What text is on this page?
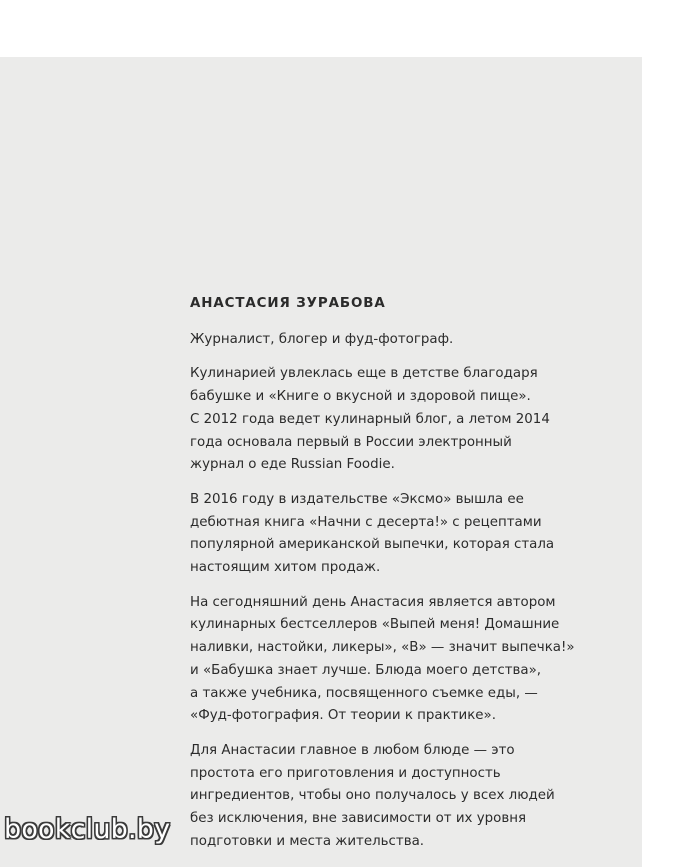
АНАСТАСИЯ ЗУРАБОВА

Журналист, блогер и фуд-фотограф.

Кулинарией увлеклась еще в детстве благодаря
бабушке и «Книге о вкусной и здоровой пище».
С 2012 года ведет кулинарный блог, а летом 2014
года основала первый в России электронный
журнал о еде Russian Foodie.

В 2016 году в издательстве «Эксмо» вышла ее
дебютная книга «Начни с десерта!» с рецептами
популярной американской выпечки, которая стала
настоящим хитом продаж.

На сегодняшний день Анастасия является автором
кулинарных бестселлеров «Выпей меня! Домашние
наливки, настойки, ликеры», «В» — значит выпечка!»
и «Бабушка знает лучше. Блюда моего детства»,
а также учебника, посвященного съемке еды, —
«Фуд-фотография. От теории к практике».

Для Анастасии главное в любом блюде — это
простота его приготовления и доступность
ингредиентов, чтобы оно получалось у всех людей
без исключения, вне зависимости от их уровня
подготовки и места жительства.

bookclub.by
